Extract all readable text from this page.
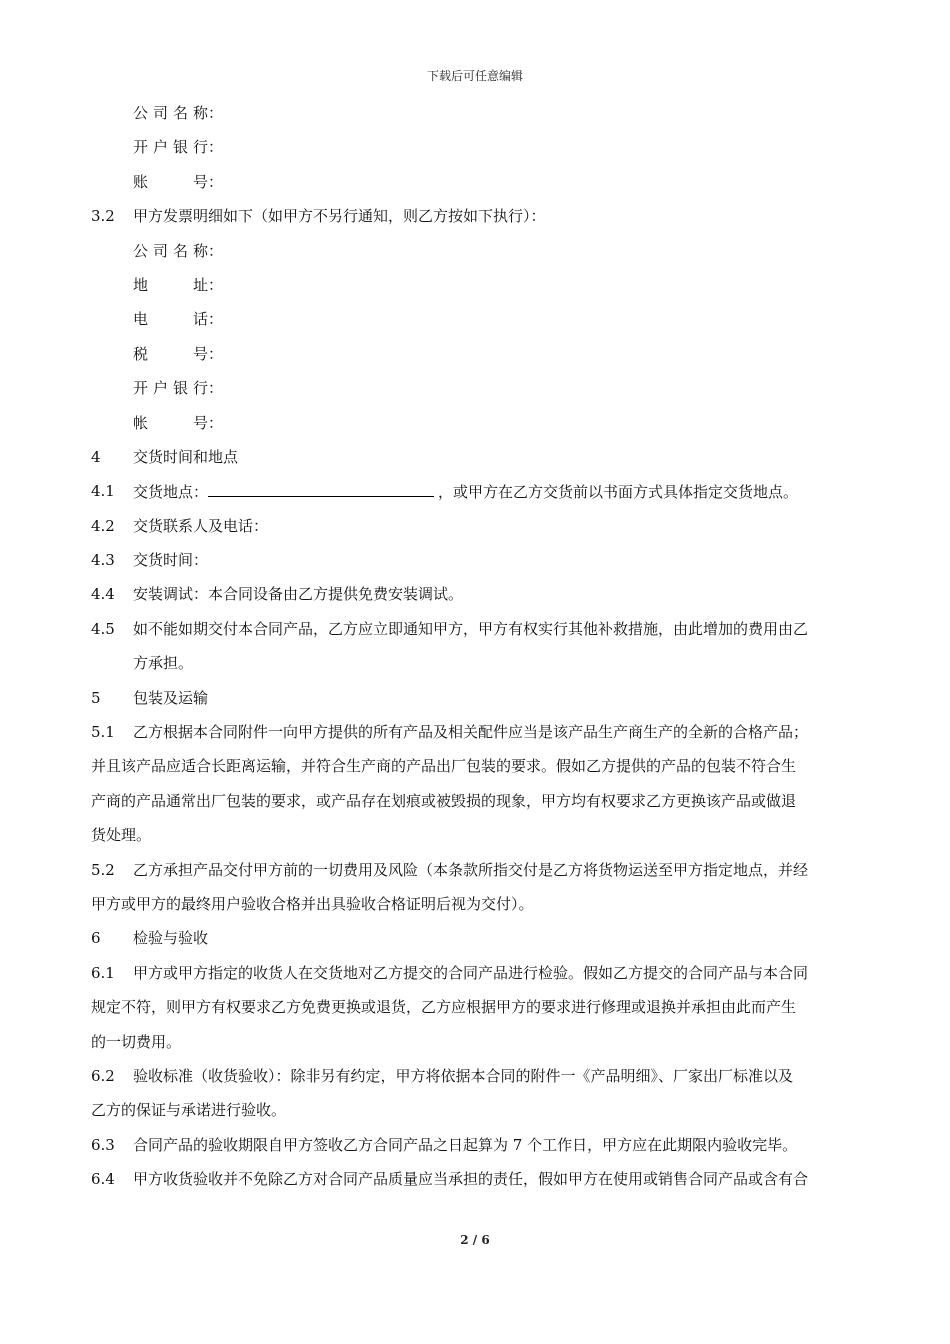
下载后可任意编辑
公 司 名 称 ：
开 户 银 行 ：
账	号 ：
3.2	甲方发票明细如下（如甲方不另行通知，则乙方按如下执行）：
公 司 名 称 ：
地	址 ：
电	话 ：
税	号 ：
开 户 银 行 ：
帐	号 ：
4	交货时间和地点
4.1	交货地点：	，或甲方在乙方交货前以书面方式具体指定交货地点。
4.2	交货联系人及电话：
4.3	交货时间：
4.4	安装调试：本合同设备由乙方提供免费安装调试。
4.5	如不能如期交付本合同产品，乙方应立即通知甲方，甲方有权实行其他补救措施，由此增加的费用由乙
方承担。
5	包装及运输
5.1	乙方根据本合同附件一向甲方提供的所有产品及相关配件应当是该产品生产商生产的全新的合格产品；
并且该产品应适合长距离运输，并符合生产商的产品出厂包装的要求。假如乙方提供的产品的包装不符合生
产商的产品通常出厂包装的要求，或产品存在划痕或被毁损的现象，甲方均有权要求乙方更换该产品或做退
货处理。
5.2	乙方承担产品交付甲方前的一切费用及风险（本条款所指交付是乙方将货物运送至甲方指定地点，并经
甲方或甲方的最终用户验收合格并出具验收合格证明后视为交付）。
6	检验与验收
6.1	甲方或甲方指定的收货人在交货地对乙方提交的合同产品进行检验。假如乙方提交的合同产品与本合同
规定不符，则甲方有权要求乙方免费更换或退货，乙方应根据甲方的要求进行修理或退换并承担由此而产生
的一切费用。
6.2	验收标准（收货验收）：除非另有约定，甲方将依据本合同的附件一《产品明细》、厂家出厂标准以及
乙方的保证与承诺进行验收。
6.3	合同产品的验收期限自甲方签收乙方合同产品之日起算为 7 个工作日，甲方应在此期限内验收完毕。
6.4	甲方收货验收并不免除乙方对合同产品质量应当承担的责任，假如甲方在使用或销售合同产品或含有合
2 / 6
